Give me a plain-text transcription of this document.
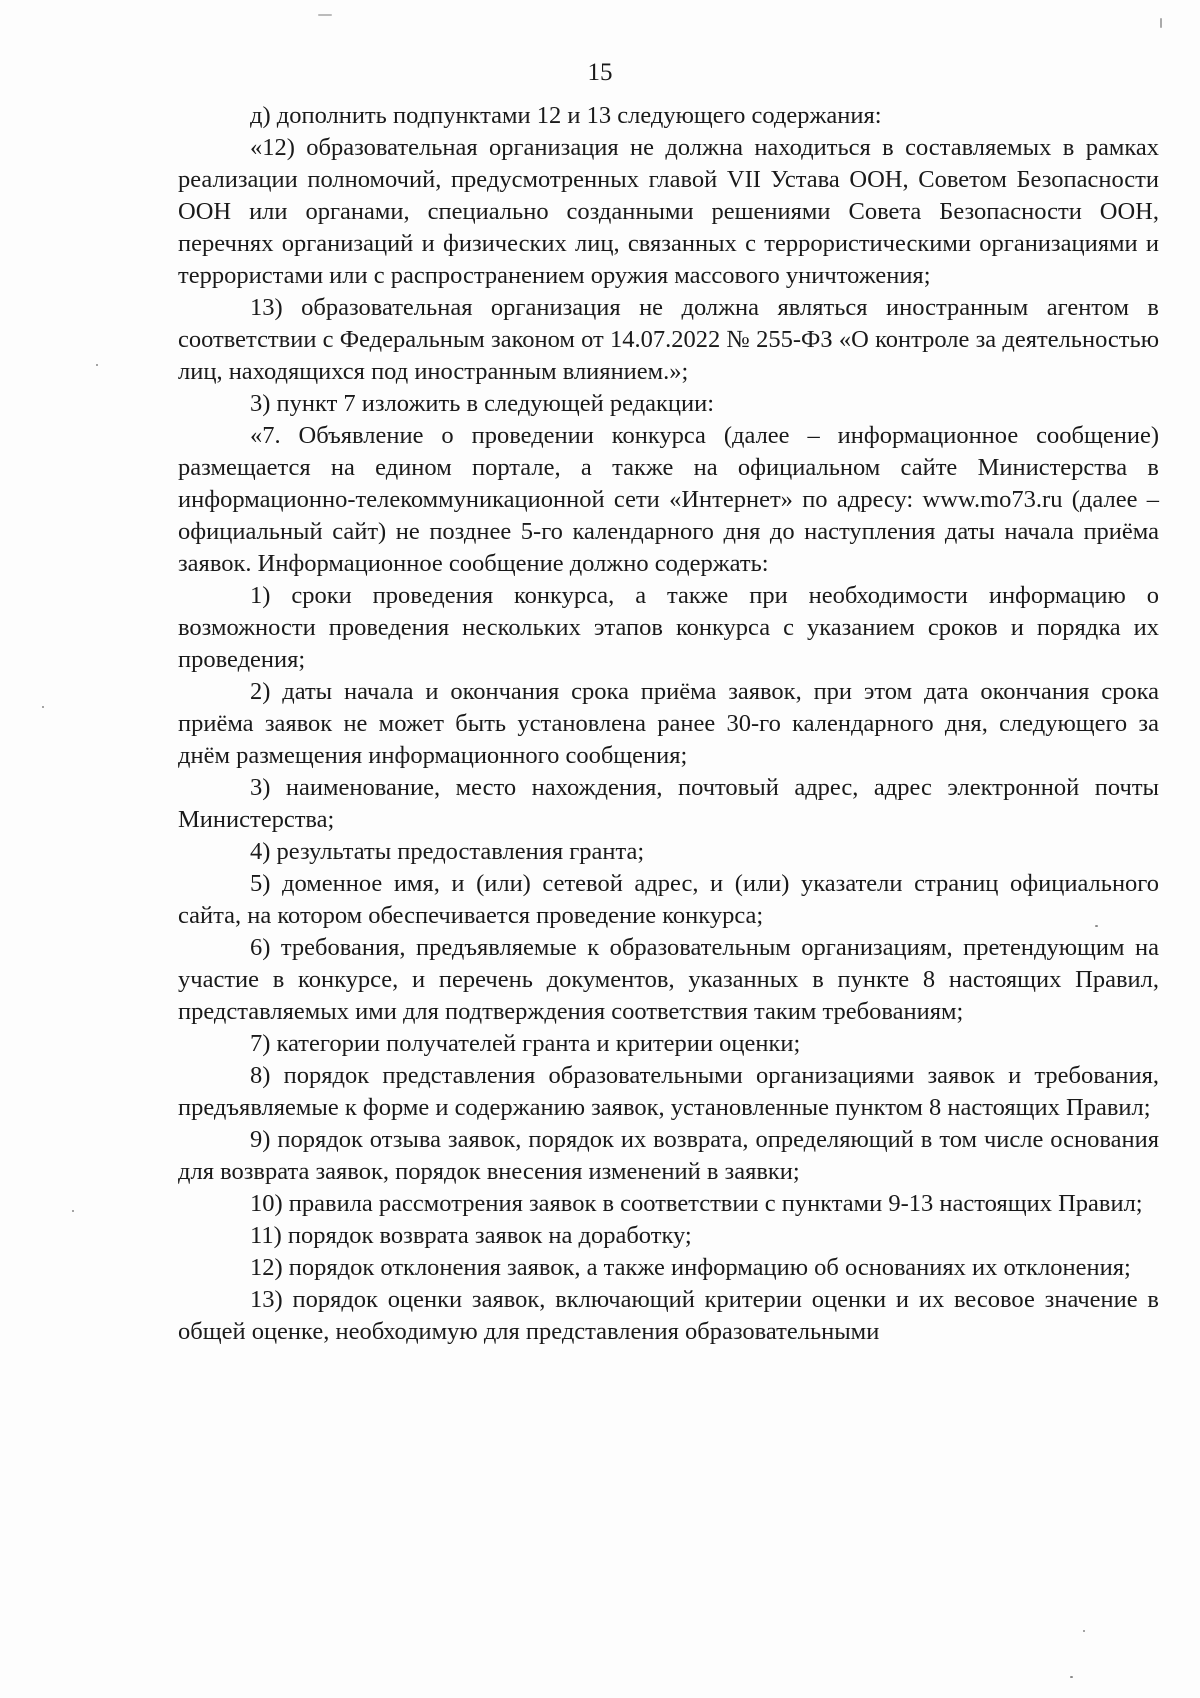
15

д) дополнить подпунктами 12 и 13 следующего содержания:

«12) образовательная организация не должна находиться в составляемых в рамках реализации полномочий, предусмотренных главой VII Устава ООН, Советом Безопасности ООН или органами, специально созданными решениями Совета Безопасности ООН, перечнях организаций и физических лиц, связанных с террористическими организациями и террористами или с распространением оружия массового уничтожения;

13) образовательная организация не должна являться иностранным агентом в соответствии с Федеральным законом от 14.07.2022 № 255-ФЗ «О контроле за деятельностью лиц, находящихся под иностранным влиянием.»;

3) пункт 7 изложить в следующей редакции:

«7. Объявление о проведении конкурса (далее – информационное сообщение) размещается на едином портале, а также на официальном сайте Министерства в информационно-телекоммуникационной сети «Интернет» по адресу: www.mo73.ru (далее – официальный сайт) не позднее 5-го календарного дня до наступления даты начала приёма заявок. Информационное сообщение должно содержать:

1) сроки проведения конкурса, а также при необходимости информацию о возможности проведения нескольких этапов конкурса с указанием сроков и порядка их проведения;

2) даты начала и окончания срока приёма заявок, при этом дата окончания срока приёма заявок не может быть установлена ранее 30-го календарного дня, следующего за днём размещения информационного сообщения;

3) наименование, место нахождения, почтовый адрес, адрес электронной почты Министерства;

4) результаты предоставления гранта;

5) доменное имя, и (или) сетевой адрес, и (или) указатели страниц официального сайта, на котором обеспечивается проведение конкурса;

6) требования, предъявляемые к образовательным организациям, претендующим на участие в конкурсе, и перечень документов, указанных в пункте 8 настоящих Правил, представляемых ими для подтверждения соответствия таким требованиям;

7) категории получателей гранта и критерии оценки;

8) порядок представления образовательными организациями заявок и требования, предъявляемые к форме и содержанию заявок, установленные пунктом 8 настоящих Правил;

9) порядок отзыва заявок, порядок их возврата, определяющий в том числе основания для возврата заявок, порядок внесения изменений в заявки;

10) правила рассмотрения заявок в соответствии с пунктами 9-13 настоящих Правил;

11) порядок возврата заявок на доработку;

12) порядок отклонения заявок, а также информацию об основаниях их отклонения;

13) порядок оценки заявок, включающий критерии оценки и их весовое значение в общей оценке, необходимую для представления образовательными
